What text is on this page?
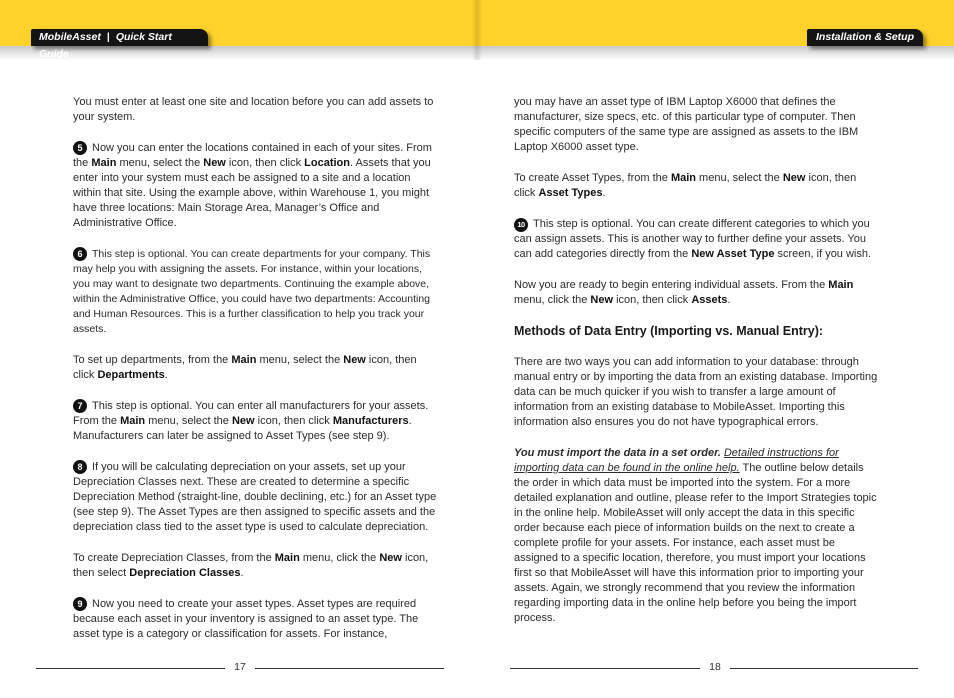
MobileAsset | Quick Start Guide
Installation & Setup

You must enter at least one site and location before you can add assets to your system.

5 Now you can enter the locations contained in each of your sites. From the Main menu, select the New icon, then click Location. Assets that you enter into your system must each be assigned to a site and a location within that site. Using the example above, within Warehouse 1, you might have three locations: Main Storage Area, Manager’s Office and Administrative Office.

6 This step is optional. You can create departments for your company. This may help you with assigning the assets. For instance, within your locations, you may want to designate two departments. Continuing the example above, within the Administrative Office, you could have two departments: Accounting and Human Resources. This is a further classification to help you track your assets.

To set up departments, from the Main menu, select the New icon, then click Departments.

7 This step is optional. You can enter all manufacturers for your assets. From the Main menu, select the New icon, then click Manufacturers. Manufacturers can later be assigned to Asset Types (see step 9).

8 If you will be calculating depreciation on your assets, set up your Depreciation Classes next. These are created to determine a specific Depreciation Method (straight-line, double declining, etc.) for an Asset type (see step 9). The Asset Types are then assigned to specific assets and the depreciation class tied to the asset type is used to calculate depreciation.

To create Depreciation Classes, from the Main menu, click the New icon, then select Depreciation Classes.

9 Now you need to create your asset types. Asset types are required because each asset in your inventory is assigned to an asset type. The asset type is a category or classification for assets. For instance,

you may have an asset type of IBM Laptop X6000 that defines the manufacturer, size specs, etc. of this particular type of computer. Then specific computers of the same type are assigned as assets to the IBM Laptop X6000 asset type.

To create Asset Types, from the Main menu, select the New icon, then click Asset Types.

10 This step is optional. You can create different categories to which you can assign assets. This is another way to further define your assets. You can add categories directly from the New Asset Type screen, if you wish.

Now you are ready to begin entering individual assets. From the Main menu, click the New icon, then click Assets.

Methods of Data Entry (Importing vs. Manual Entry):

There are two ways you can add information to your database: through manual entry or by importing the data from an existing database. Importing data can be much quicker if you wish to transfer a large amount of information from an existing database to MobileAsset. Importing this information also ensures you do not have typographical errors.

You must import the data in a set order. Detailed instructions for importing data can be found in the online help. The outline below details the order in which data must be imported into the system. For a more detailed explanation and outline, please refer to the Import Strategies topic in the online help. MobileAsset will only accept the data in this specific order because each piece of information builds on the next to create a complete profile for your assets. For instance, each asset must be assigned to a specific location, therefore, you must import your locations first so that MobileAsset will have this information prior to importing your assets. Again, we strongly recommend that you review the information regarding importing data in the online help before you being the import process.

17	18
